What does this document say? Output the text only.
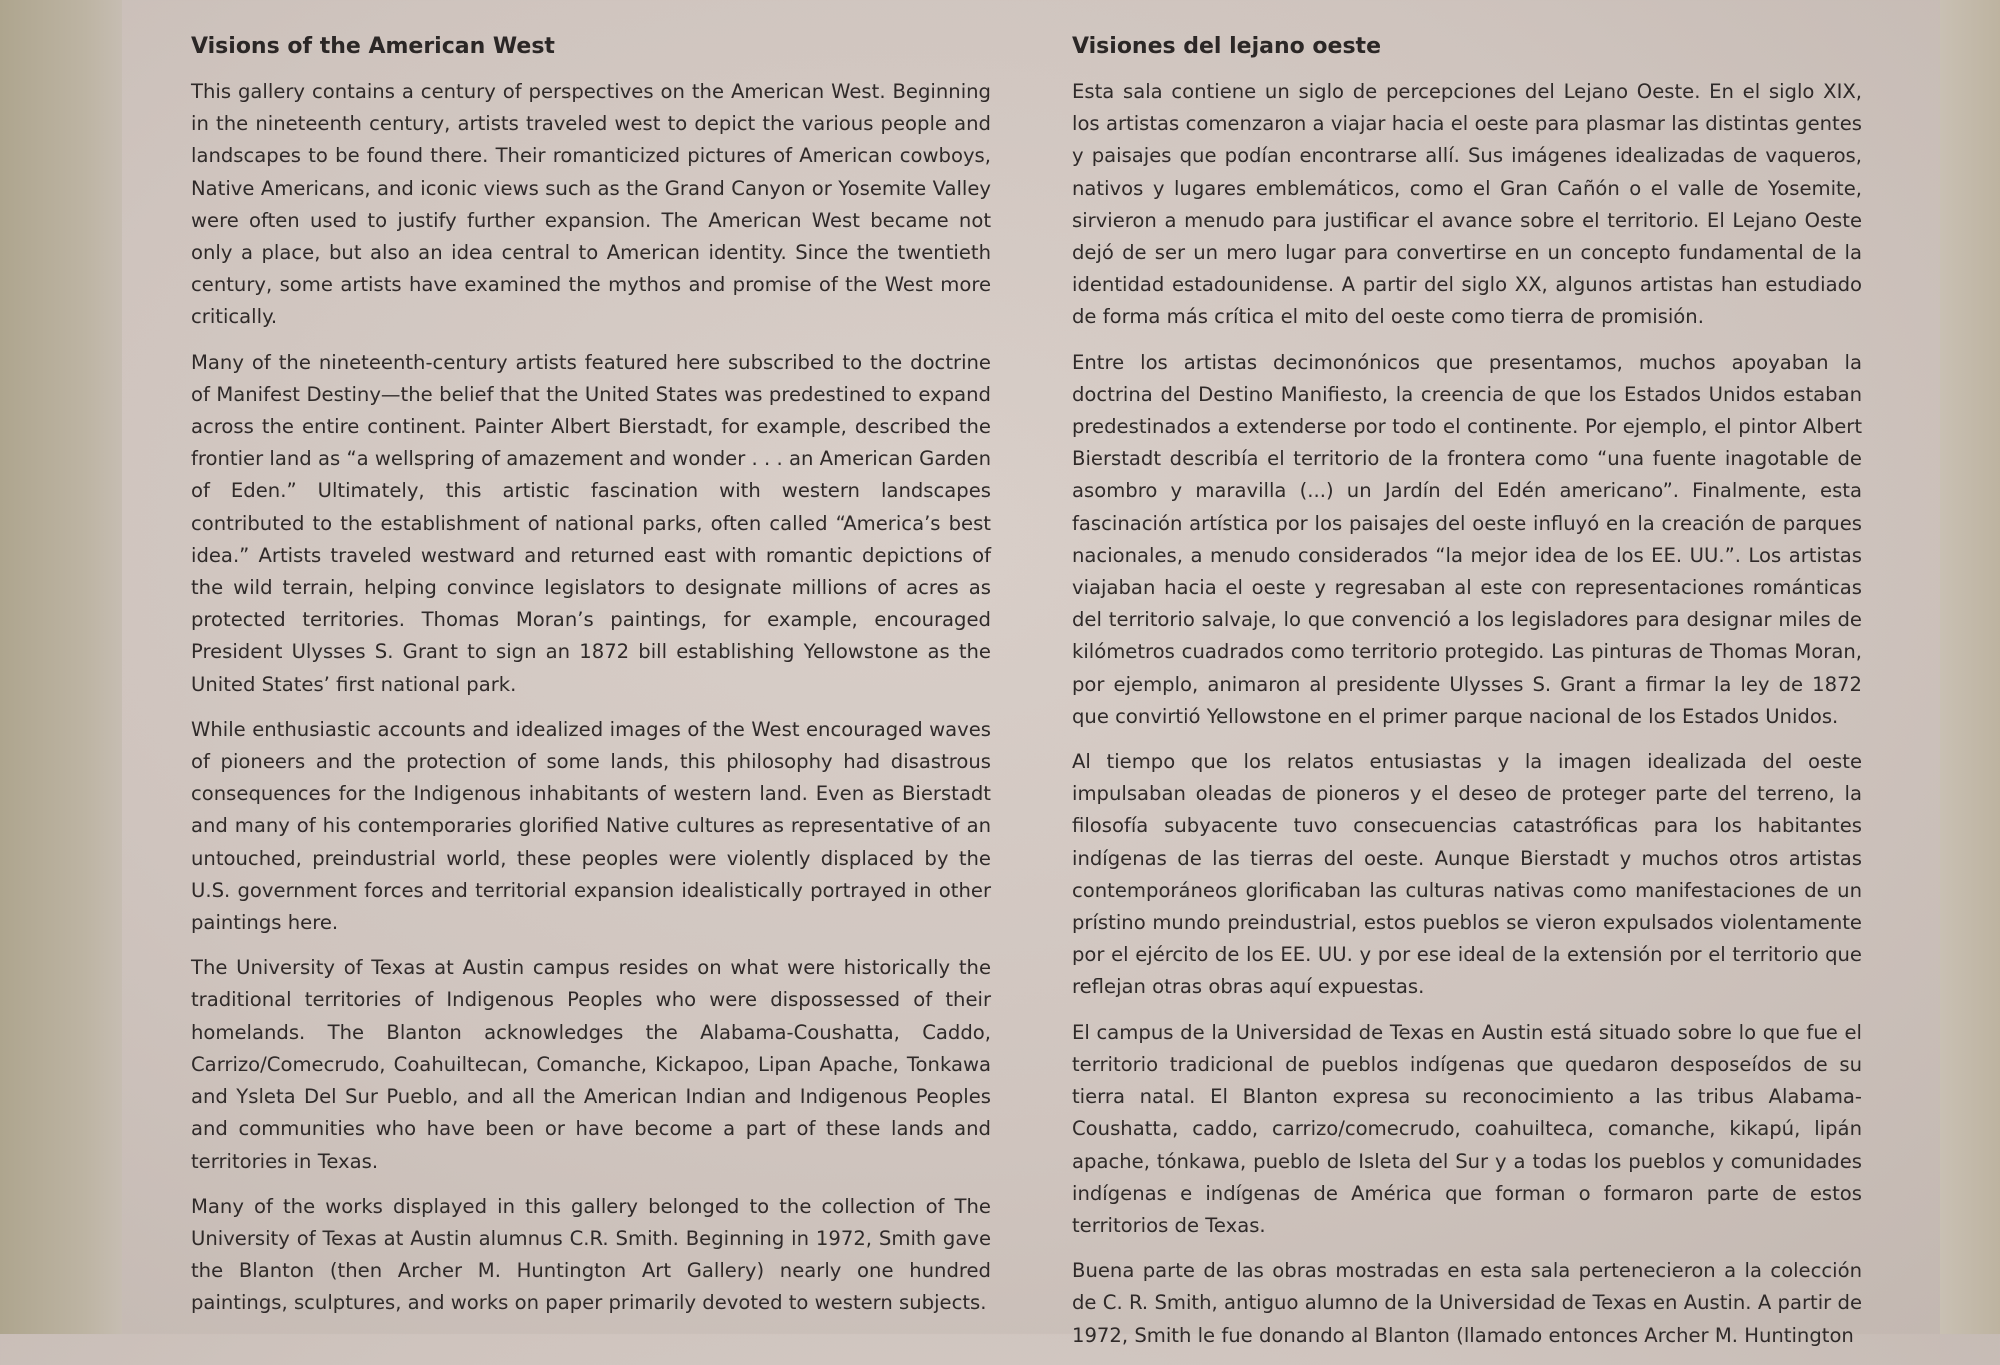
Visions of the American West

This gallery contains a century of perspectives on the American West. Beginning in the nineteenth century, artists traveled west to depict the various people and landscapes to be found there. Their romanticized pictures of American cowboys, Native Americans, and iconic views such as the Grand Canyon or Yosemite Valley were often used to justify further expansion. The American West became not only a place, but also an idea central to American identity. Since the twentieth century, some artists have examined the mythos and promise of the West more critically.

Many of the nineteenth-century artists featured here subscribed to the doctrine of Manifest Destiny—the belief that the United States was predestined to expand across the entire continent. Painter Albert Bierstadt, for example, described the frontier land as “a wellspring of amazement and wonder . . . an American Garden of Eden.” Ultimately, this artistic fascination with western landscapes contributed to the establishment of national parks, often called “America’s best idea.” Artists traveled westward and returned east with romantic depictions of the wild terrain, helping convince legislators to designate millions of acres as protected territories. Thomas Moran’s paintings, for example, encouraged President Ulysses S. Grant to sign an 1872 bill establishing Yellowstone as the United States’ first national park.

While enthusiastic accounts and idealized images of the West encouraged waves of pioneers and the protection of some lands, this philosophy had disastrous consequences for the Indigenous inhabitants of western land. Even as Bierstadt and many of his contemporaries glorified Native cultures as representative of an untouched, preindustrial world, these peoples were violently displaced by the U.S. government forces and territorial expansion idealistically portrayed in other paintings here.

The University of Texas at Austin campus resides on what were historically the traditional territories of Indigenous Peoples who were dispossessed of their homelands. The Blanton acknowledges the Alabama-Coushatta, Caddo, Carrizo/Comecrudo, Coahuiltecan, Comanche, Kickapoo, Lipan Apache, Tonkawa and Ysleta Del Sur Pueblo, and all the American Indian and Indigenous Peoples and communities who have been or have become a part of these lands and territories in Texas.

Many of the works displayed in this gallery belonged to the collection of The University of Texas at Austin alumnus C.R. Smith. Beginning in 1972, Smith gave the Blanton (then Archer M. Huntington Art Gallery) nearly one hundred paintings, sculptures, and works on paper primarily devoted to western subjects.

Visiones del lejano oeste

Esta sala contiene un siglo de percepciones del Lejano Oeste. En el siglo XIX, los artistas comenzaron a viajar hacia el oeste para plasmar las distintas gentes y paisajes que podían encontrarse allí. Sus imágenes idealizadas de vaqueros, nativos y lugares emblemáticos, como el Gran Cañón o el valle de Yosemite, sirvieron a menudo para justificar el avance sobre el territorio. El Lejano Oeste dejó de ser un mero lugar para convertirse en un concepto fundamental de la identidad estadounidense. A partir del siglo XX, algunos artistas han estudiado de forma más crítica el mito del oeste como tierra de promisión.

Entre los artistas decimonónicos que presentamos, muchos apoyaban la doctrina del Destino Manifiesto, la creencia de que los Estados Unidos estaban predestinados a extenderse por todo el continente. Por ejemplo, el pintor Albert Bierstadt describía el territorio de la frontera como “una fuente inagotable de asombro y maravilla (...) un Jardín del Edén americano”. Finalmente, esta fascinación artística por los paisajes del oeste influyó en la creación de parques nacionales, a menudo considerados “la mejor idea de los EE. UU.”. Los artistas viajaban hacia el oeste y regresaban al este con representaciones románticas del territorio salvaje, lo que convenció a los legisladores para designar miles de kilómetros cuadrados como territorio protegido. Las pinturas de Thomas Moran, por ejemplo, animaron al presidente Ulysses S. Grant a firmar la ley de 1872 que convirtió Yellowstone en el primer parque nacional de los Estados Unidos.

Al tiempo que los relatos entusiastas y la imagen idealizada del oeste impulsaban oleadas de pioneros y el deseo de proteger parte del terreno, la filosofía subyacente tuvo consecuencias catastróficas para los habitantes indígenas de las tierras del oeste. Aunque Bierstadt y muchos otros artistas contemporáneos glorificaban las culturas nativas como manifestaciones de un prístino mundo preindustrial, estos pueblos se vieron expulsados violentamente por el ejército de los EE. UU. y por ese ideal de la extensión por el territorio que reflejan otras obras aquí expuestas.

El campus de la Universidad de Texas en Austin está situado sobre lo que fue el territorio tradicional de pueblos indígenas que quedaron desposeídos de su tierra natal. El Blanton expresa su reconocimiento a las tribus Alabama-Coushatta, caddo, carrizo/comecrudo, coahuilteca, comanche, kikapú, lipán apache, tónkawa, pueblo de Isleta del Sur y a todas los pueblos y comunidades indígenas e indígenas de América que forman o formaron parte de estos territorios de Texas.

Buena parte de las obras mostradas en esta sala pertenecieron a la colección de C. R. Smith, antiguo alumno de la Universidad de Texas en Austin. A partir de 1972, Smith le fue donando al Blanton (llamado entonces Archer M. Huntington
